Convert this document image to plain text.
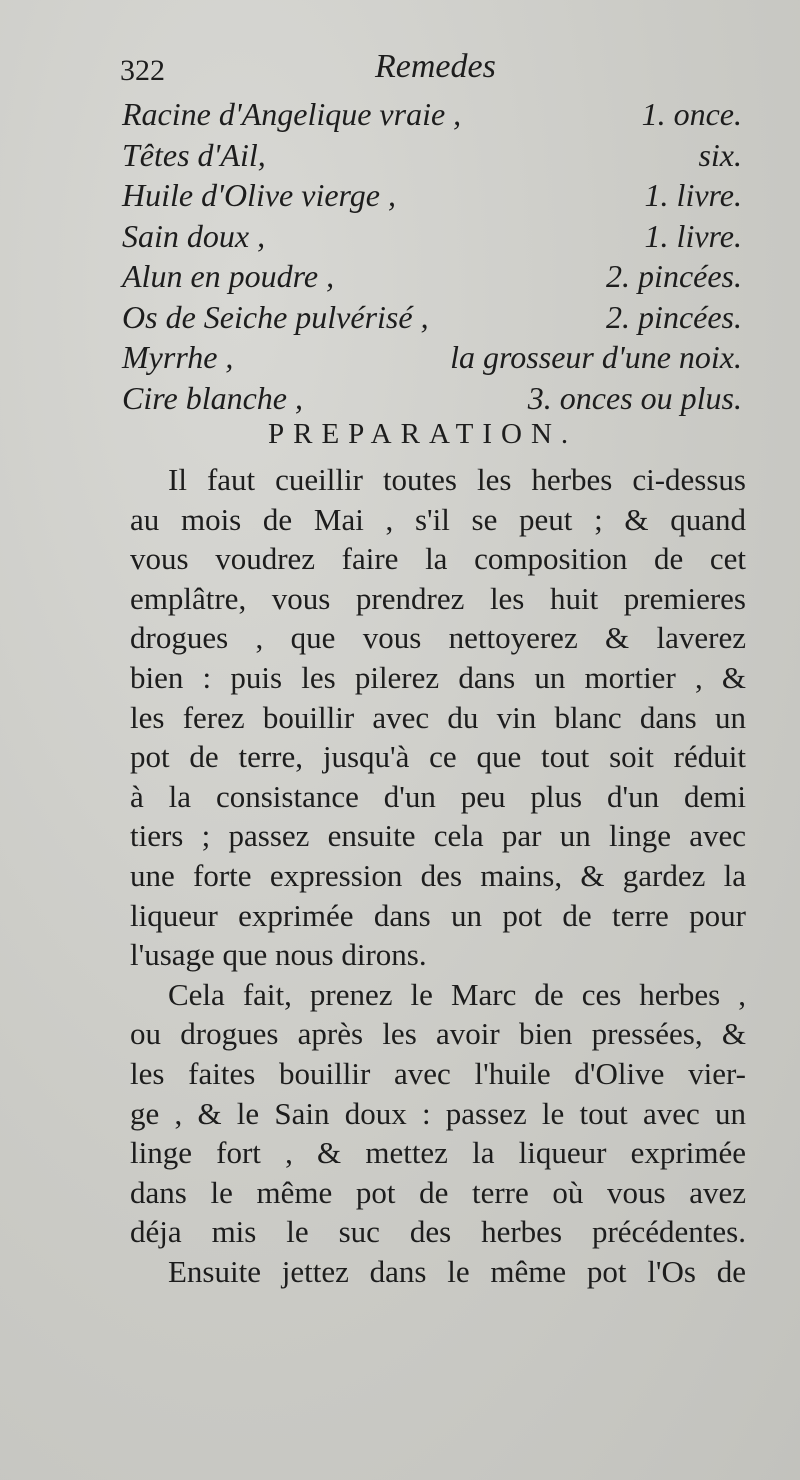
322	Remedes
Racine d'Angelique vraie ,	1. once.
Têtes d'Ail,	six.
Huile d'Olive vierge ,	1. livre.
Sain doux ,	1. livre.
Alun en poudre ,	2. pincées.
Os de Seiche pulvérisé ,	2. pincées.
Myrrhe ,	la grosseur d'une noix.
Cire blanche ,	3. onces ou plus.
PREPARATION.
Il faut cueillir toutes les herbes ci-dessus
au mois de Mai , s'il se peut ; & quand
vous voudrez faire la composition de cet
emplâtre, vous prendrez les huit premieres
drogues , que vous nettoyerez & laverez
bien : puis les pilerez dans un mortier , &
les ferez bouillir avec du vin blanc dans un
pot de terre, jusqu'à ce que tout soit réduit
à la consistance d'un peu plus d'un demi
tiers ; passez ensuite cela par un linge avec
une forte expression des mains, & gardez la
liqueur exprimée dans un pot de terre pour
l'usage que nous dirons.
Cela fait, prenez le Marc de ces herbes ,
ou drogues après les avoir bien pressées, &
les faites bouillir avec l'huile d'Olive vier-
ge , & le Sain doux : passez le tout avec un
linge fort , & mettez la liqueur exprimée
dans le même pot de terre où vous avez
déja mis le suc des herbes précédentes.
Ensuite jettez dans le même pot l'Os de
